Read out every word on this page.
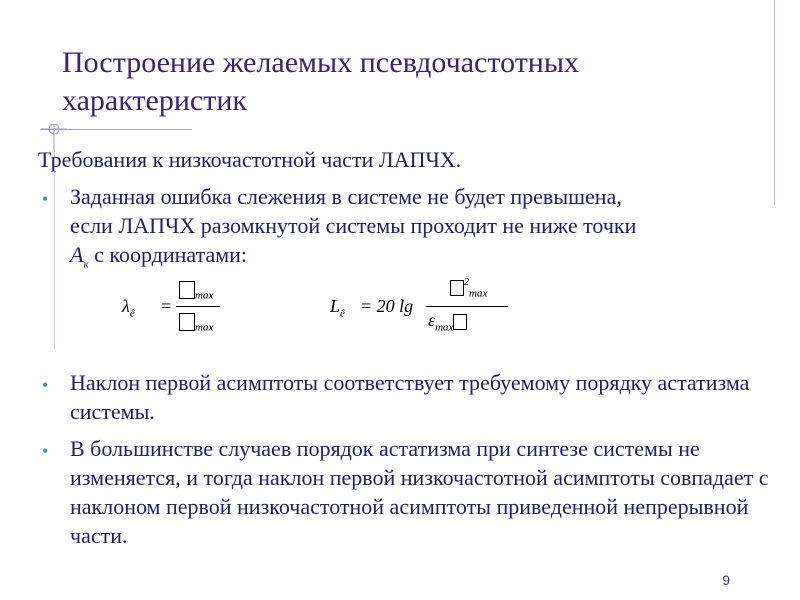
Построение желаемых псевдочастотных характеристик
Требования к низкочастотной части ЛАПЧХ.
• Заданная ошибка слежения в системе не будет превышена,
если ЛАПЧХ разомкнутой системы проходит не ниже точки
$А_к$ с координатами:
$\lambda_ê$ =
$_{max}$
$_{max}$
$L_ê = 20$ lg
$^2_{max}$
$\varepsilon_{max}$
• Наклон первой асимптоты соответствует требуемому порядку астатизма системы.
• В большинстве случаев порядок астатизма при синтезе системы не изменяется, и тогда наклон первой низкочастотной асимптоты совпадает с наклоном первой низкочастотной асимптоты приведенной непрерывной части.
9
